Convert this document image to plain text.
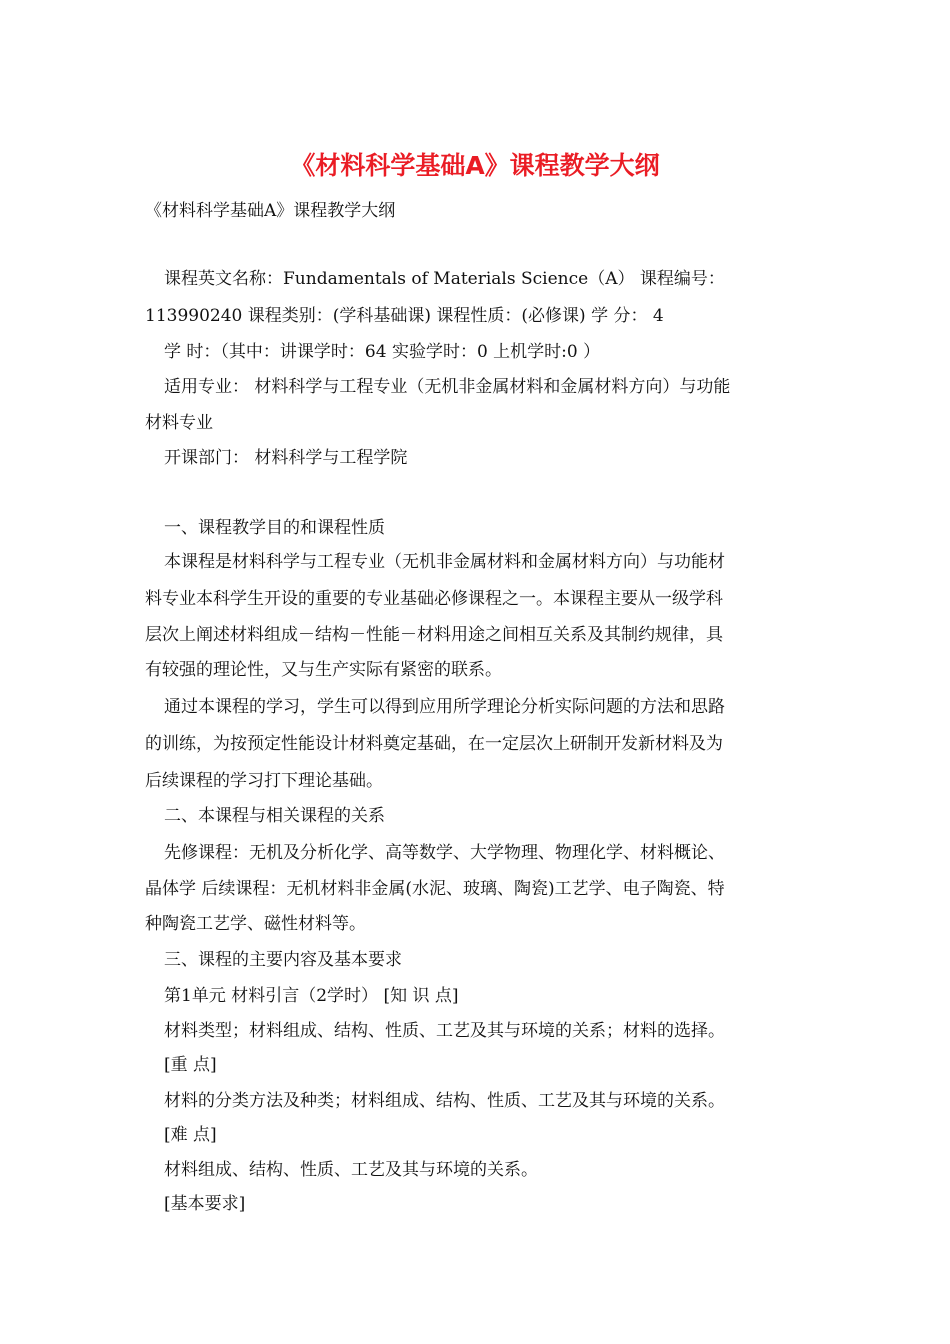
《材料科学基础A》课程教学大纲
《材料科学基础A》课程教学大纲
课程英文名称：Fundamentals of Materials Science（A） 课程编号：
113990240 课程类别：(学科基础课) 课程性质：(必修课) 学 分： 4
学 时：（其中：讲课学时：64 实验学时：0 上机学时:0 ）
适用专业： 材料科学与工程专业（无机非金属材料和金属材料方向）与功能
材料专业
开课部门： 材料科学与工程学院
一、课程教学目的和课程性质
本课程是材料科学与工程专业（无机非金属材料和金属材料方向）与功能材
料专业本科学生开设的重要的专业基础必修课程之一。本课程主要从一级学科
层次上阐述材料组成－结构－性能－材料用途之间相互关系及其制约规律，具
有较强的理论性，又与生产实际有紧密的联系。
通过本课程的学习，学生可以得到应用所学理论分析实际问题的方法和思路
的训练，为按预定性能设计材料奠定基础，在一定层次上研制开发新材料及为
后续课程的学习打下理论基础。
二、本课程与相关课程的关系
先修课程：无机及分析化学、高等数学、大学物理、物理化学、材料概论、
晶体学 后续课程：无机材料非金属(水泥、玻璃、陶瓷)工艺学、电子陶瓷、特
种陶瓷工艺学、磁性材料等。
三、课程的主要内容及基本要求
第1单元 材料引言（2学时） [知 识 点]
材料类型；材料组成、结构、性质、工艺及其与环境的关系；材料的选择。
[重 点]
材料的分类方法及种类；材料组成、结构、性质、工艺及其与环境的关系。
[难 点]
材料组成、结构、性质、工艺及其与环境的关系。
[基本要求]
